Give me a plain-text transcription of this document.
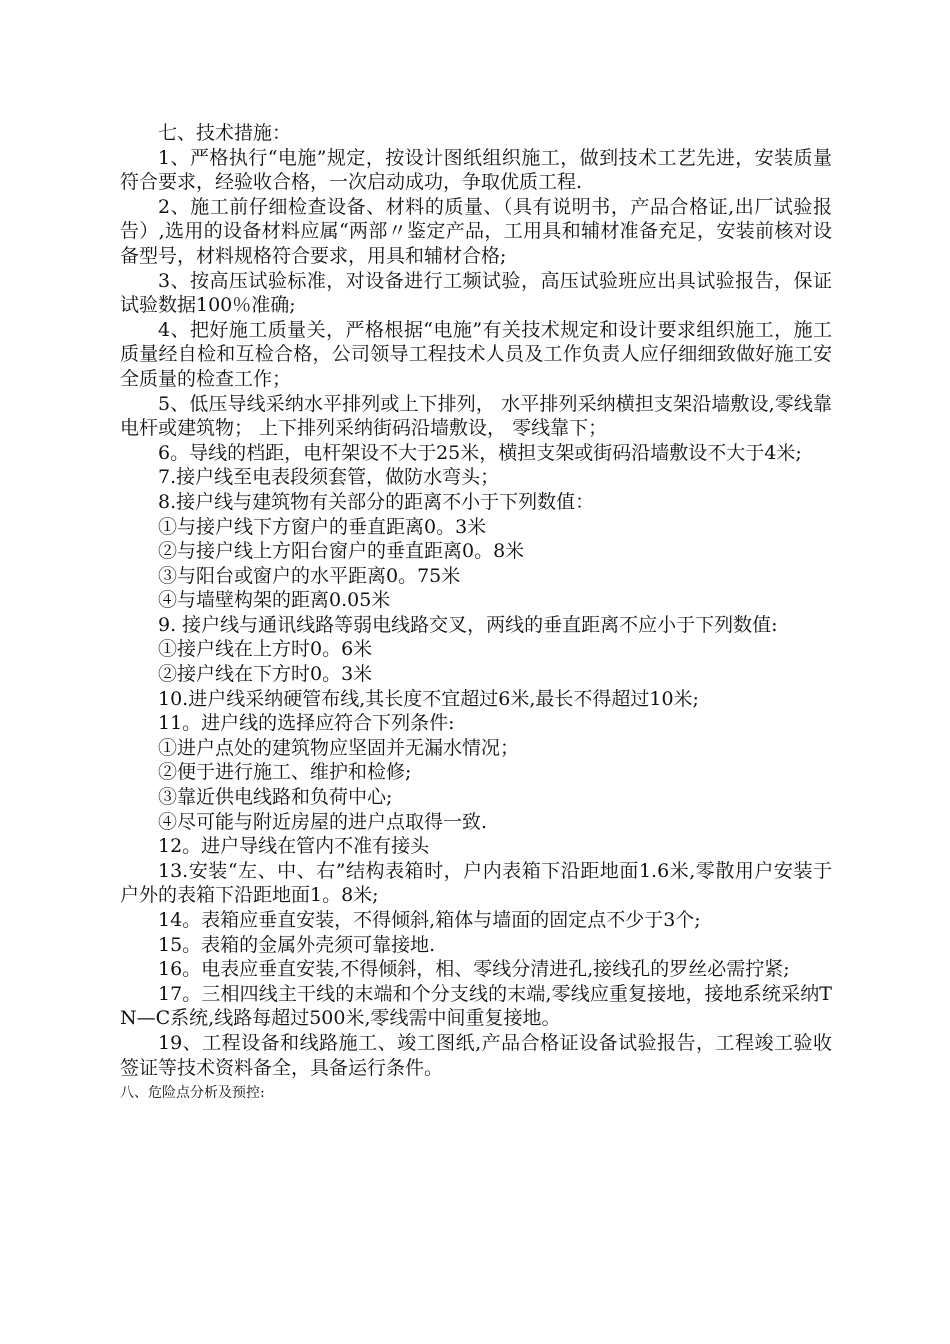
七、技术措施：

1、严格执行“电施”规定，按设计图纸组织施工，做到技术工艺先进，安装质量符合要求，经验收合格，一次启动成功，争取优质工程.

2、施工前仔细检查设备、材料的质量、（具有说明书，产品合格证,出厂试验报告）,选用的设备材料应属“两部〃鉴定产品，工用具和辅材准备充足，安装前核对设备型号，材料规格符合要求，用具和辅材合格;

3、按高压试验标准，对设备进行工频试验，高压试验班应出具试验报告，保证试验数据100％准确;

4、把好施工质量关，严格根据“电施”有关技术规定和设计要求组织施工，施工质量经自检和互检合格，公司领导工程技术人员及工作负责人应仔细细致做好施工安全质量的检查工作；

5、低压导线采纳水平排列或上下排列， 水平排列采纳横担支架沿墙敷设,零线靠电杆或建筑物； 上下排列采纳街码沿墙敷设， 零线靠下；

6。导线的档距，电杆架设不大于25米，横担支架或街码沿墙敷设不大于4米;

7.接户线至电表段须套管，做防水弯头；

8.接户线与建筑物有关部分的距离不小于下列数值：

①与接户线下方窗户的垂直距离0。3米

②与接户线上方阳台窗户的垂直距离0。8米

③与阳台或窗户的水平距离0。75米

④与墙壁构架的距离0.05米

9. 接户线与通讯线路等弱电线路交叉，两线的垂直距离不应小于下列数值:

①接户线在上方时0。6米

②接户线在下方时0。3米

10.进户线采纳硬管布线,其长度不宜超过6米,最长不得超过10米;

11。进户线的选择应符合下列条件:

①进户点处的建筑物应坚固并无漏水情况；

②便于进行施工、维护和检修;

③靠近供电线路和负荷中心;

④尽可能与附近房屋的进户点取得一致.

12。进户导线在管内不准有接头

13.安装“左、中、右”结构表箱时，户内表箱下沿距地面1.6米,零散用户安装于户外的表箱下沿距地面1。8米;

14。表箱应垂直安装，不得倾斜,箱体与墙面的固定点不少于3个;

15。表箱的金属外壳须可靠接地.

16。电表应垂直安装,不得倾斜，相、零线分清进孔,接线孔的罗丝必需拧紧;

17。三相四线主干线的末端和个分支线的末端,零线应重复接地，接地系统采纳TN—C系统,线路每超过500米,零线需中间重复接地。

19、工程设备和线路施工、竣工图纸,产品合格证设备试验报告，工程竣工验收签证等技术资料备全，具备运行条件。

八、危险点分析及预控:
